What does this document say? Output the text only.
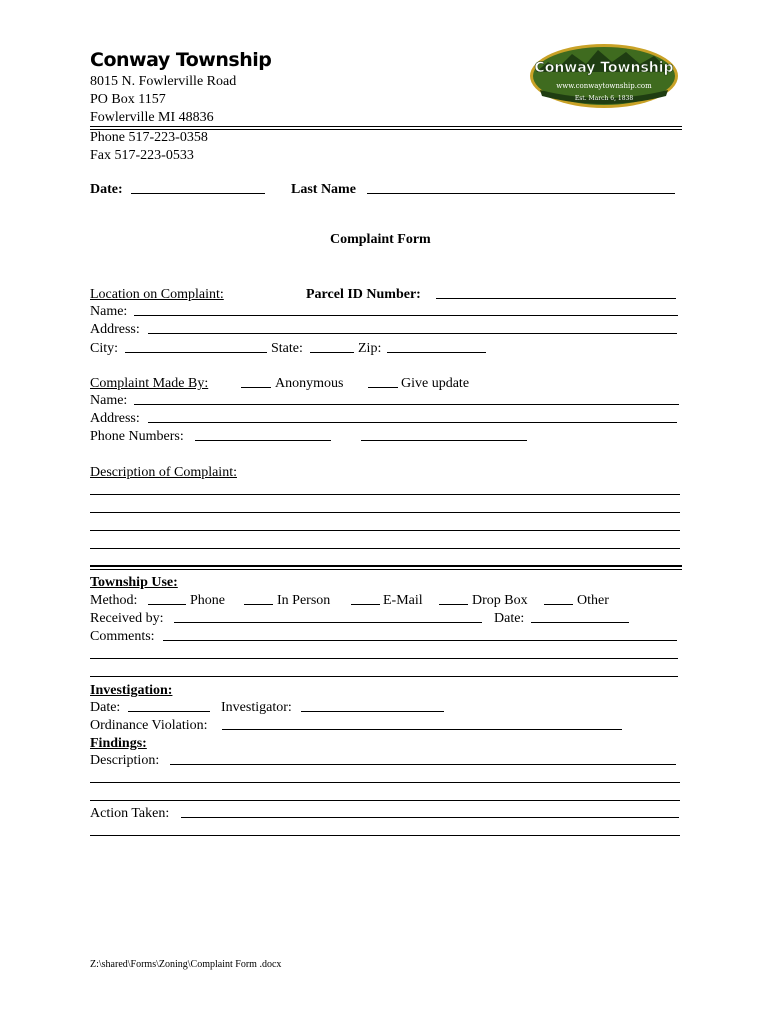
Conway Township
8015 N. Fowlerville Road
PO Box 1157
Fowlerville MI 48836
Phone 517-223-0358
Fax 517-223-0533
Conway Township
www.conwaytownship.com
Est. March 6, 1838
Date:	Last Name
Complaint Form
Location on Complaint:	Parcel ID Number:
Name:
Address:
City:	State:	Zip:
Complaint Made By:	Anonymous	Give update
Name:
Address:
Phone Numbers:
Description of Complaint:
Township Use:
Method:	Phone	In Person	E-Mail	Drop Box	Other
Received by:	Date:
Comments:
Investigation:
Date:	Investigator:
Ordinance Violation:
Findings:
Description:
Action Taken:
Z:\shared\Forms\Zoning\Complaint Form .docx
